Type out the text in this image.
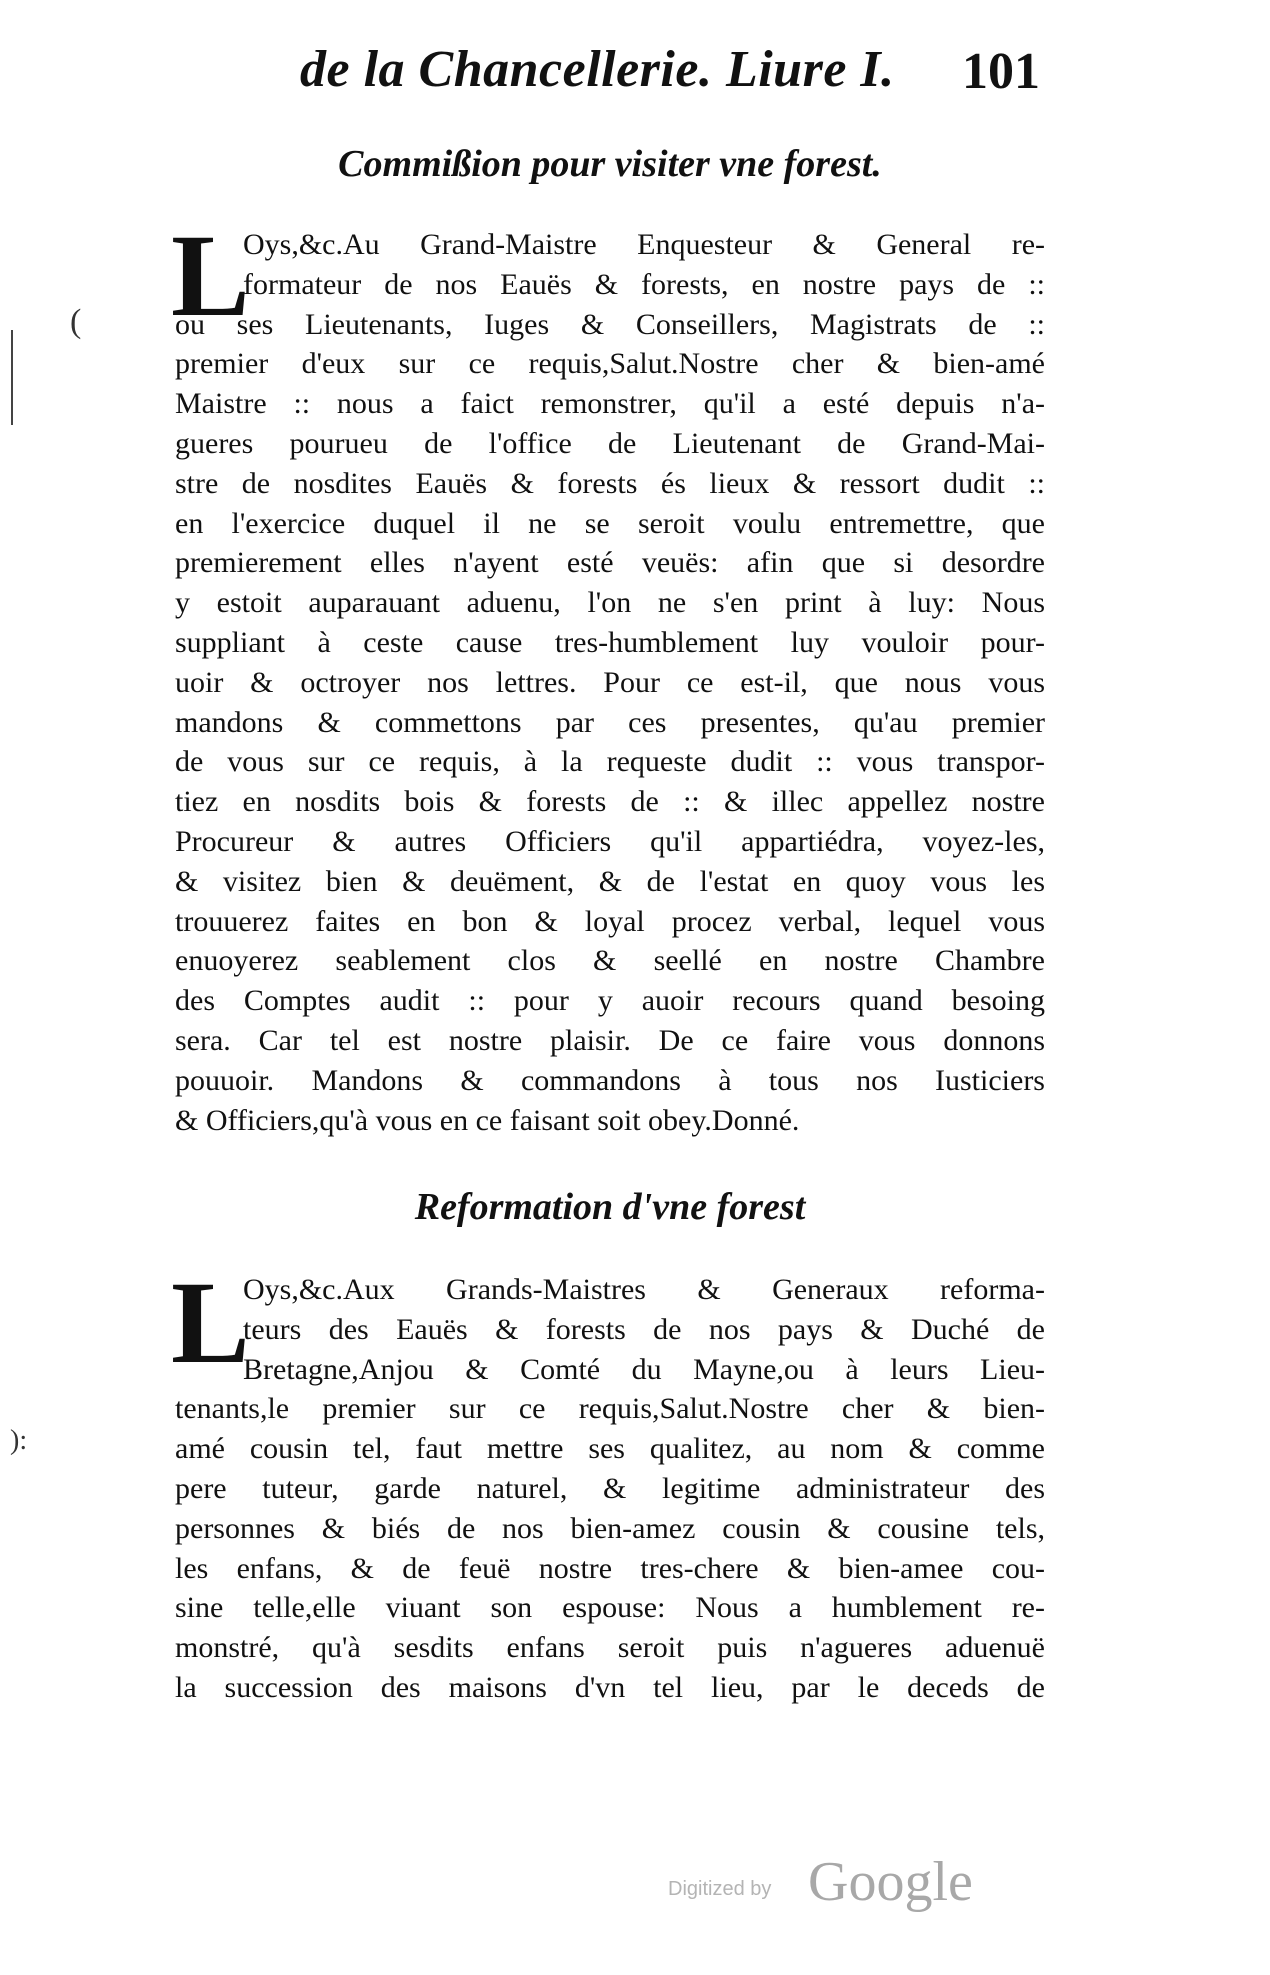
de la Chancellerie. Liure I. 101
(
):
Commißion pour visiter vne forest.
L
Oys,&c.Au Grand-Maistre Enquesteur & General re-
formateur de nos Eauës & forests, en nostre pays de ::
ou ses Lieutenants, Iuges & Conseillers, Magistrats de ::
premier d'eux sur ce requis,Salut.Nostre cher & bien-amé
Maistre :: nous a faict remonstrer, qu'il a esté depuis n'a-
gueres pourueu de l'office de Lieutenant de Grand-Mai-
stre de nosdites Eauës & forests és lieux & ressort dudit ::
en l'exercice duquel il ne se seroit voulu entremettre, que
premierement elles n'ayent esté veuës: afin que si desordre
y estoit auparauant aduenu, l'on ne s'en print à luy: Nous
suppliant à ceste cause tres-humblement luy vouloir pour-
uoir & octroyer nos lettres. Pour ce est-il, que nous vous
mandons & commettons par ces presentes, qu'au premier
de vous sur ce requis, à la requeste dudit :: vous transpor-
tiez en nosdits bois & forests de :: & illec appellez nostre
Procureur & autres Officiers qu'il appartiédra, voyez-les,
& visitez bien & deuëment, & de l'estat en quoy vous les
trouuerez faites en bon & loyal procez verbal, lequel vous
enuoyerez seablement clos & seellé en nostre Chambre
des Comptes audit :: pour y auoir recours quand besoing
sera. Car tel est nostre plaisir. De ce faire vous donnons
pouuoir. Mandons & commandons à tous nos Iusticiers
& Officiers,qu'à vous en ce faisant soit obey.Donné.
Reformation d'vne forest
L
Oys,&c.Aux Grands-Maistres & Generaux reforma-
teurs des Eauës & forests de nos pays & Duché de
Bretagne,Anjou & Comté du Mayne,ou à leurs Lieu-
tenants,le premier sur ce requis,Salut.Nostre cher & bien-
amé cousin tel, faut mettre ses qualitez, au nom & comme
pere tuteur, garde naturel, & legitime administrateur des
personnes & biés de nos bien-amez cousin & cousine tels,
les enfans, & de feuë nostre tres-chere & bien-amee cou-
sine telle,elle viuant son espouse: Nous a humblement re-
monstré, qu'à sesdits enfans seroit puis n'agueres aduenuë
la succession des maisons d'vn tel lieu, par le deceds de
Digitized by Google
